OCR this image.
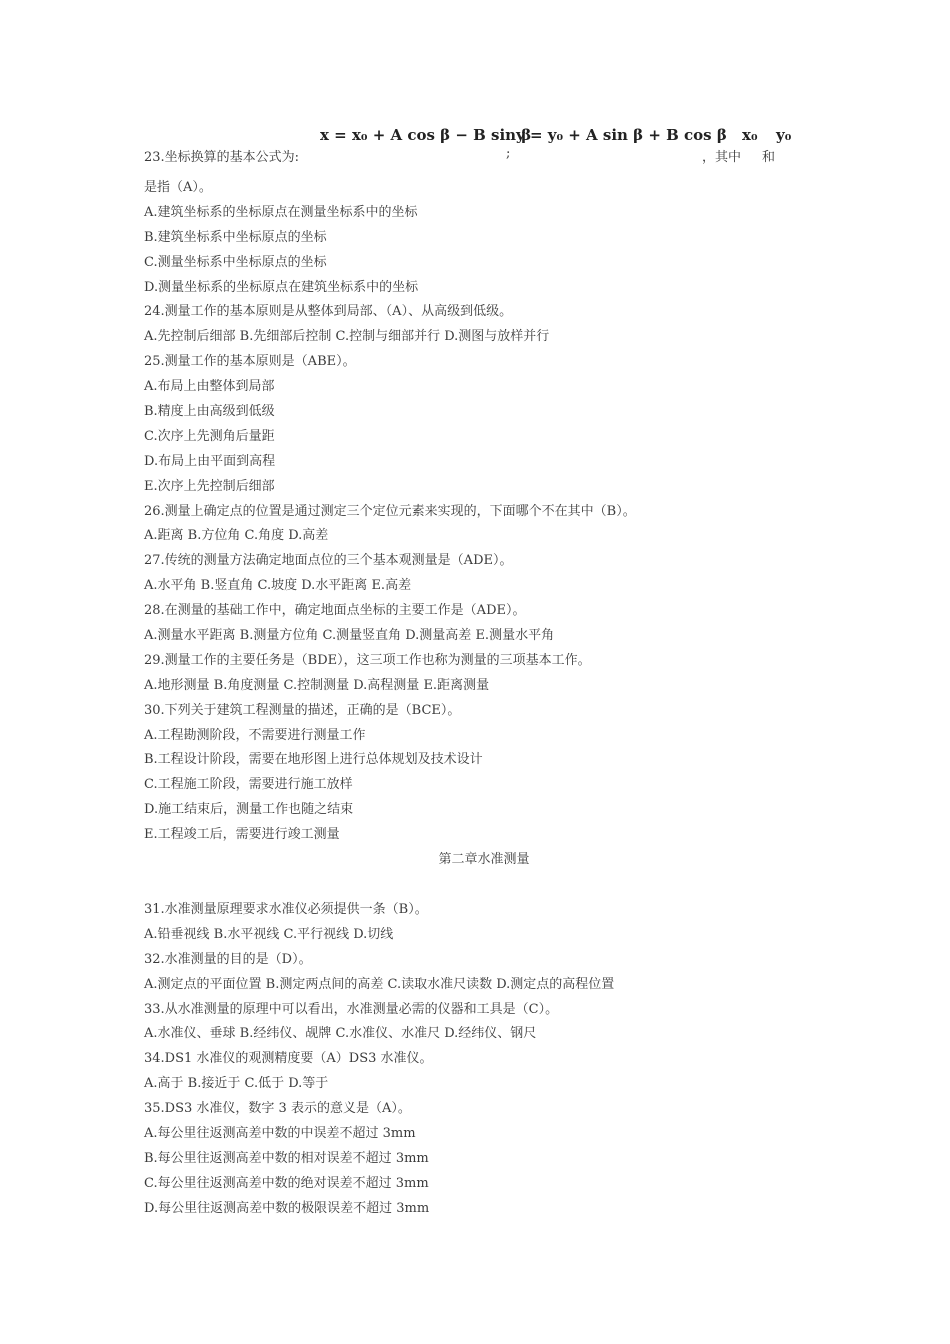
23.坐标换算的基本公式为:
x = x₀ + A cos β − B sin β
;
y = y₀ + A sin β + B cos β
，其中
x₀
和
y₀
是指（A）。
A.建筑坐标系的坐标原点在测量坐标系中的坐标
B.建筑坐标系中坐标原点的坐标
C.测量坐标系中坐标原点的坐标
D.测量坐标系的坐标原点在建筑坐标系中的坐标
24.测量工作的基本原则是从整体到局部、（A）、从高级到低级。
A.先控制后细部 B.先细部后控制 C.控制与细部并行 D.测图与放样并行
25.测量工作的基本原则是（ABE）。
A.布局上由整体到局部
B.精度上由高级到低级
C.次序上先测角后量距
D.布局上由平面到高程
E.次序上先控制后细部
26.测量上确定点的位置是通过测定三个定位元素来实现的，下面哪个不在其中（B）。
A.距离 B.方位角 C.角度 D.高差
27.传统的测量方法确定地面点位的三个基本观测量是（ADE）。
A.水平角 B.竖直角 C.坡度 D.水平距离 E.高差
28.在测量的基础工作中，确定地面点坐标的主要工作是（ADE）。
A.测量水平距离 B.测量方位角 C.测量竖直角 D.测量高差 E.测量水平角
29.测量工作的主要任务是（BDE），这三项工作也称为测量的三项基本工作。
A.地形测量 B.角度测量 C.控制测量 D.高程测量 E.距离测量
30.下列关于建筑工程测量的描述，正确的是（BCE）。
A.工程勘测阶段，不需要进行测量工作
B.工程设计阶段，需要在地形图上进行总体规划及技术设计
C.工程施工阶段，需要进行施工放样
D.施工结束后，测量工作也随之结束
E.工程竣工后，需要进行竣工测量
第二章水准测量
31.水准测量原理要求水准仪必须提供一条（B）。
A.铅垂视线 B.水平视线 C.平行视线 D.切线
32.水准测量的目的是（D）。
A.测定点的平面位置 B.测定两点间的高差 C.读取水准尺读数 D.测定点的高程位置
33.从水准测量的原理中可以看出，水准测量必需的仪器和工具是（C）。
A.水准仪、垂球 B.经纬仪、觇牌 C.水准仪、水准尺 D.经纬仪、钢尺
34.DS1 水准仪的观测精度要（A）DS3 水准仪。
A.高于 B.接近于 C.低于 D.等于
35.DS3 水准仪，数字 3 表示的意义是（A）。
A.每公里往返测高差中数的中误差不超过 3mm
B.每公里往返测高差中数的相对误差不超过 3mm
C.每公里往返测高差中数的绝对误差不超过 3mm
D.每公里往返测高差中数的极限误差不超过 3mm
